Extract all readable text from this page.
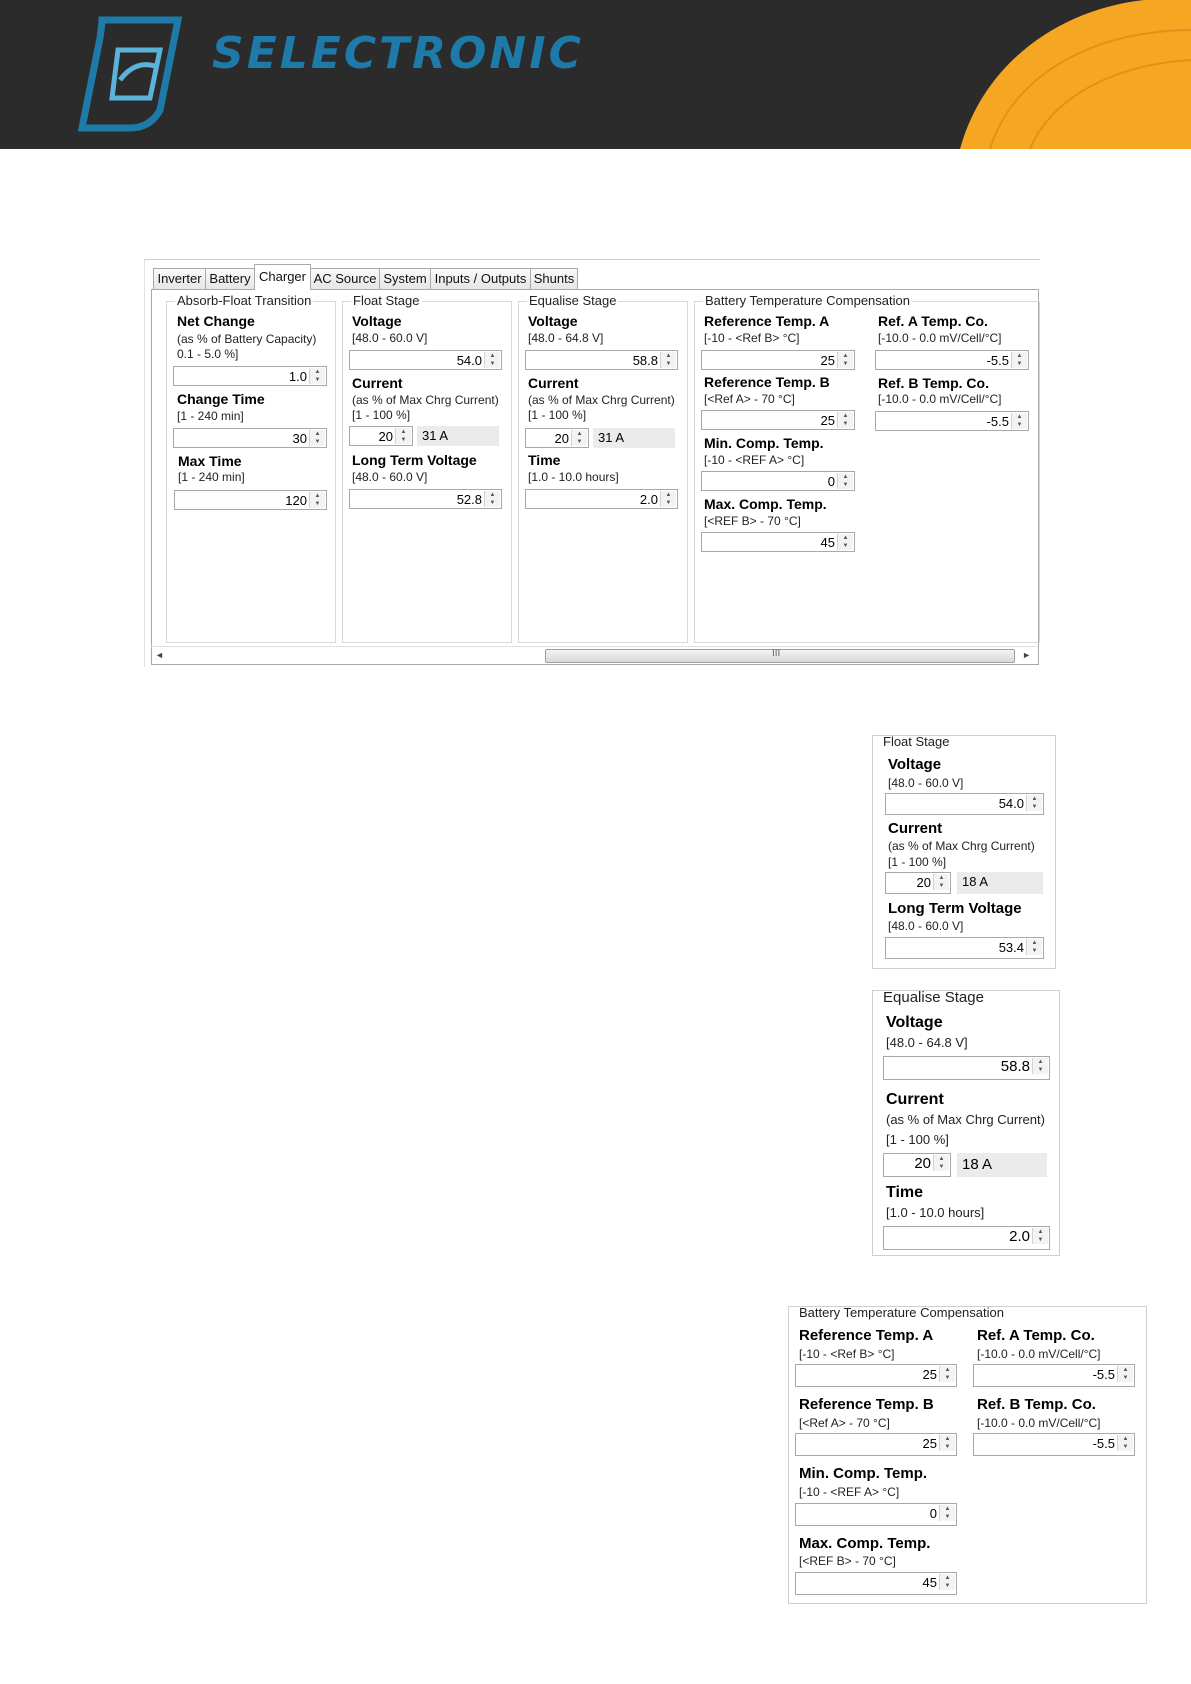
SELECTRONIC
Inverter Battery Charger AC Source System Inputs / Outputs Shunts
Absorb-Float Transition
Net Change
(as % of Battery Capacity)
0.1 - 5.0 %]
1.0	▲
▼
Change Time
[1 - 240 min]
30	▲
▼
Max Time
[1 - 240 min]
120	▲
▼
Float Stage
Voltage
[48.0 - 60.0 V]
54.0	▲
▼
Current
(as % of Max Chrg Current)
[1 - 100 %]
20	▲
▼	31 A
Long Term Voltage
[48.0 - 60.0 V]
52.8	▲
▼
Equalise Stage
Voltage
[48.0 - 64.8 V]
58.8	▲
▼
Current
(as % of Max Chrg Current)
[1 - 100 %]
20	▲
▼	31 A
Time
[1.0 - 10.0 hours]
2.0	▲
▼
Battery Temperature Compensation
Reference Temp. A
[-10 - <Ref B> °C]
25	▲
▼
Reference Temp. B
[<Ref A> - 70 °C]
25	▲
▼
Min. Comp. Temp.
[-10 - <REF A> °C]
0	▲
▼
Max. Comp. Temp.
[<REF B> - 70 °C]
45	▲
▼
Ref. A Temp. Co.
[-10.0 - 0.0 mV/Cell/°C]
-5.5	▲
▼
Ref. B Temp. Co.
[-10.0 - 0.0 mV/Cell/°C]
-5.5	▲
▼
◄	III	►
Float Stage
Voltage
[48.0 - 60.0 V]
54.0	▲
▼
Current
(as % of Max Chrg Current)
[1 - 100 %]
20	▲
▼	18 A
Long Term Voltage
[48.0 - 60.0 V]
53.4	▲
▼
Equalise Stage
Voltage
[48.0 - 64.8 V]
58.8	▲
▼
Current
(as % of Max Chrg Current)
[1 - 100 %]
20	▲
▼	18 A
Time
[1.0 - 10.0 hours]
2.0	▲
▼
Battery Temperature Compensation
Reference Temp. A
[-10 - <Ref B> °C]
25	▲
▼
Reference Temp. B
[<Ref A> - 70 °C]
25	▲
▼
Min. Comp. Temp.
[-10 - <REF A> °C]
0	▲
▼
Max. Comp. Temp.
[<REF B> - 70 °C]
45	▲
▼
Ref. A Temp. Co.
[-10.0 - 0.0 mV/Cell/°C]
-5.5	▲
▼
Ref. B Temp. Co.
[-10.0 - 0.0 mV/Cell/°C]
-5.5	▲
▼
